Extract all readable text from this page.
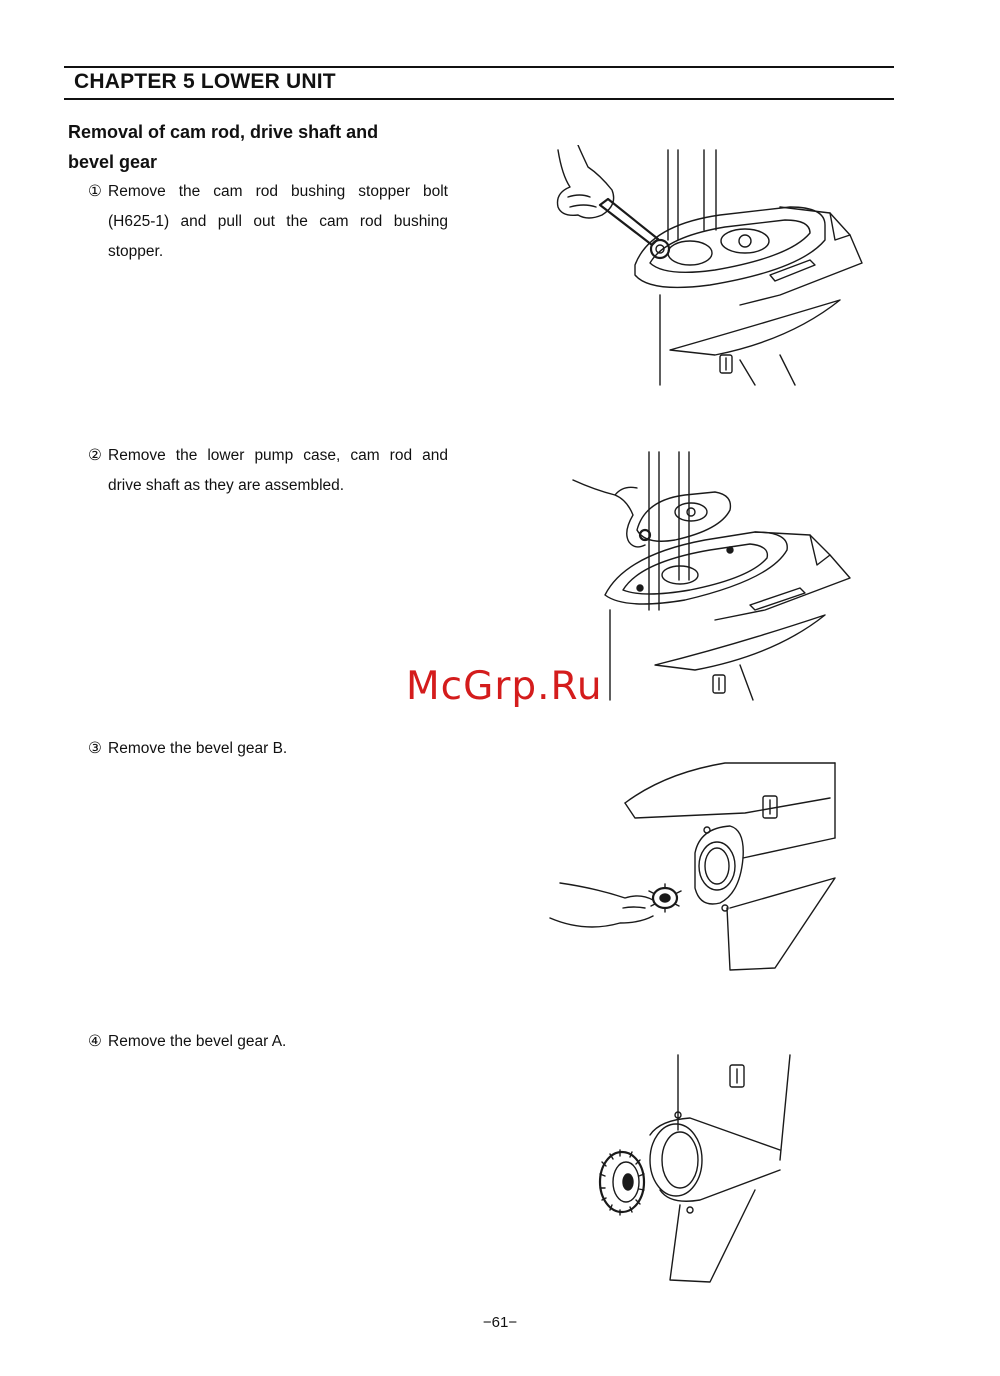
CHAPTER 5 LOWER UNIT
Removal of cam rod, drive shaft and
bevel gear
① Remove the cam rod bushing stopper bolt
(H625-1) and pull out the cam rod bushing
stopper.
② Remove the lower pump case, cam rod and
drive shaft as they are assembled.
③ Remove the bevel gear B.
④ Remove the bevel gear A.
McGrp.Ru
−61−
